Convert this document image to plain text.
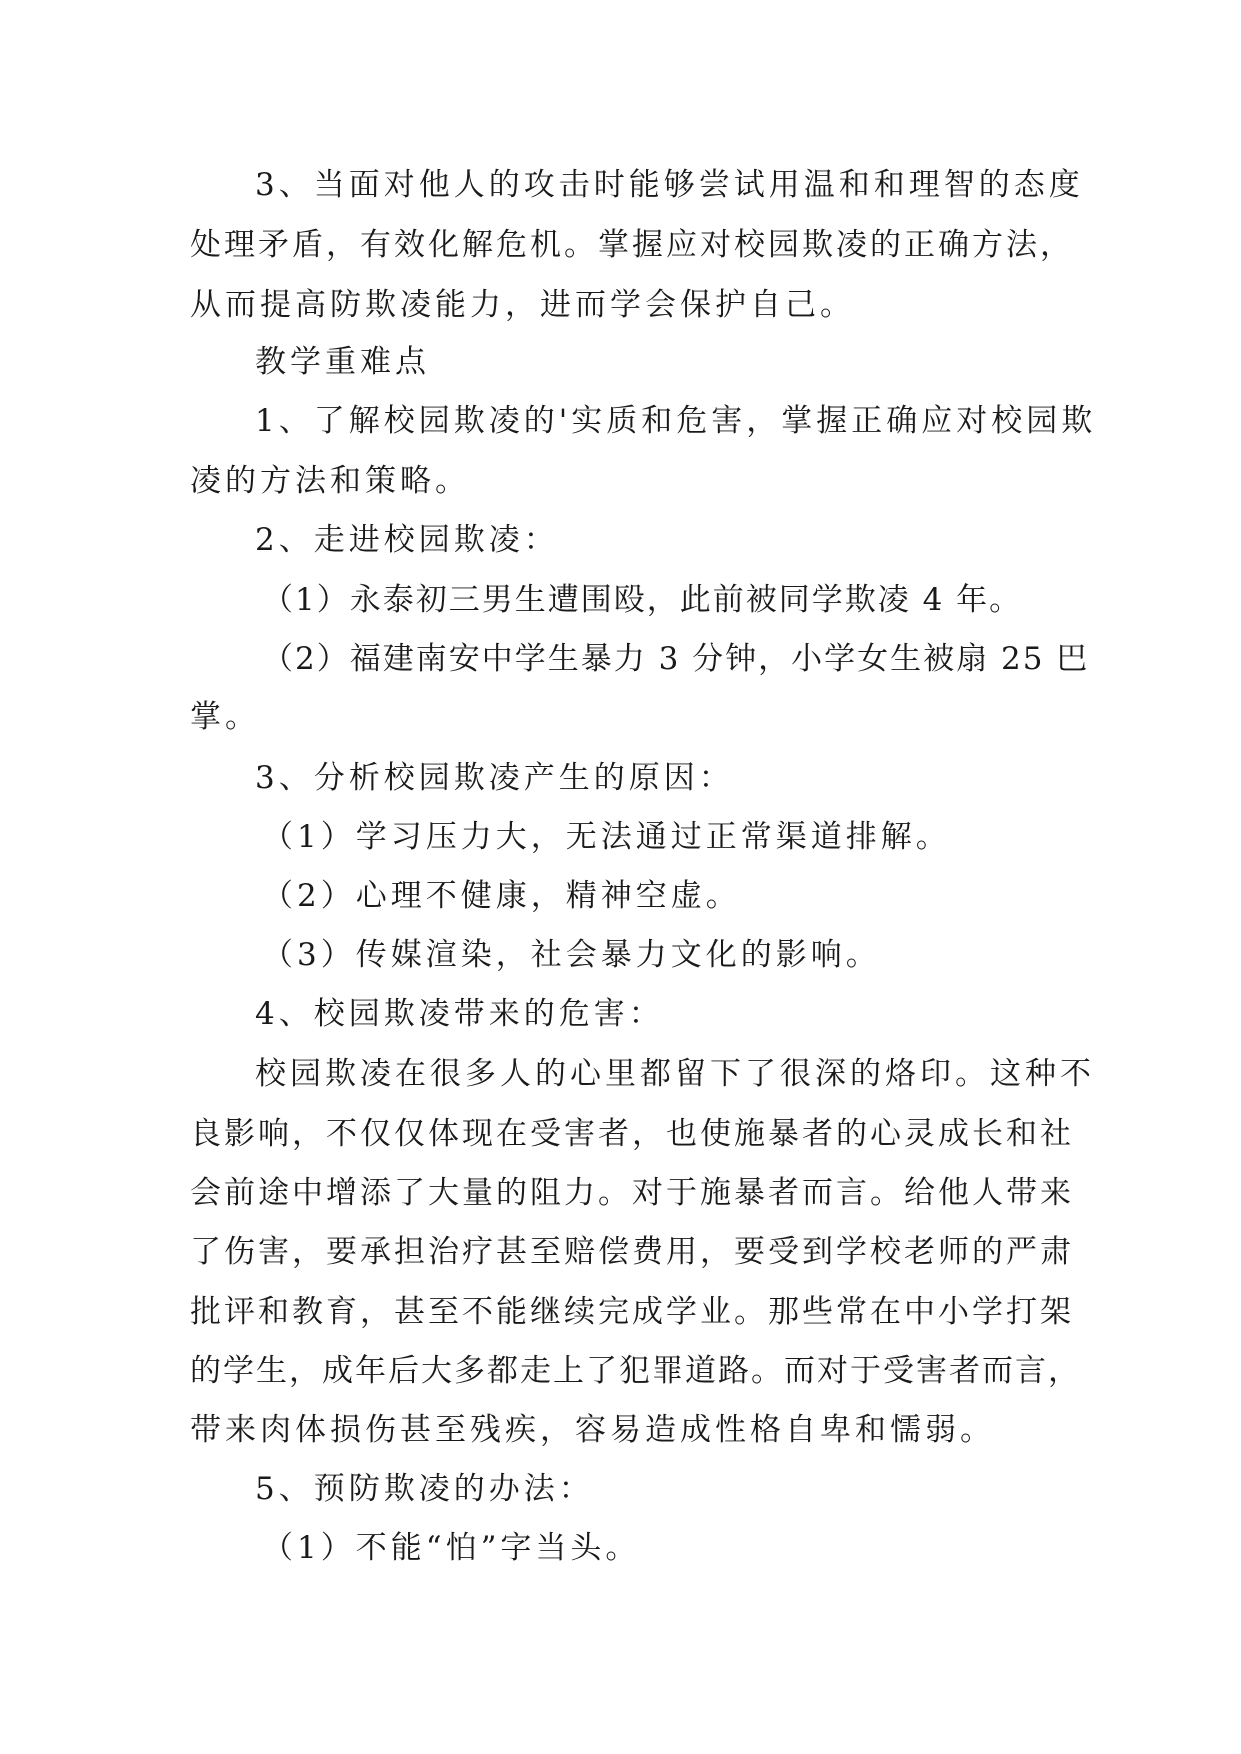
3、当面对他人的攻击时能够尝试用温和和理智的态度
处理矛盾，有效化解危机。掌握应对校园欺凌的正确方法，
从而提高防欺凌能力，进而学会保护自己。
教学重难点
1、了解校园欺凌的'实质和危害，掌握正确应对校园欺
凌的方法和策略。
2、走进校园欺凌：
（1）永泰初三男生遭围殴，此前被同学欺凌 4 年。
（2）福建南安中学生暴力 3 分钟，小学女生被扇 25 巴
掌。
3、分析校园欺凌产生的原因：
（1）学习压力大，无法通过正常渠道排解。
（2）心理不健康，精神空虚。
（3）传媒渲染，社会暴力文化的影响。
4、校园欺凌带来的危害：
校园欺凌在很多人的心里都留下了很深的烙印。这种不
良影响，不仅仅体现在受害者，也使施暴者的心灵成长和社
会前途中增添了大量的阻力。对于施暴者而言。给他人带来
了伤害，要承担治疗甚至赔偿费用，要受到学校老师的严肃
批评和教育，甚至不能继续完成学业。那些常在中小学打架
的学生，成年后大多都走上了犯罪道路。而对于受害者而言，
带来肉体损伤甚至残疾，容易造成性格自卑和懦弱。
5、预防欺凌的办法：
（1）不能“怕”字当头。
